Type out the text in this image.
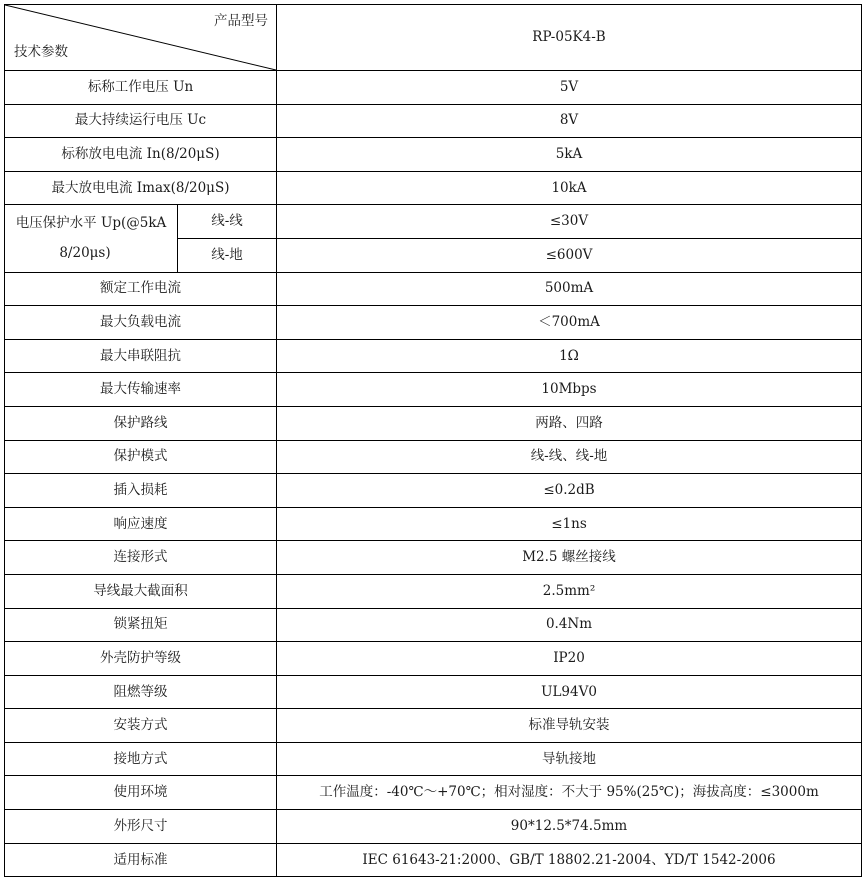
产品型号
技术参数		RP-05K4-B
标称工作电压 Un		5V
最大持续运行电压 Uc		8V
标称放电电流 In(8/20μS)		5kA
最大放电电流 Imax(8/20μS)		10kA

电压保护水平 Up(@5kA
8/20μs)	线-线	≤30V
	线-地	≤600V
额定工作电流		500mA
最大负载电流		＜700mA
最大串联阻抗		1Ω
最大传输速率		10Mbps
保护路线		两路、四路
保护模式		线-线、线-地
插入损耗		≤0.2dB
响应速度		≤1ns
连接形式		M2.5 螺丝接线
导线最大截面积		2.5mm²
锁紧扭矩		0.4Nm
外壳防护等级		IP20
阻燃等级		UL94V0
安装方式		标准导轨安装
接地方式		导轨接地
使用环境		工作温度：-40℃～+70℃；相对湿度：不大于 95%(25℃)；海拔高度：≤3000m
外形尺寸		90*12.5*74.5mm
适用标准		IEC 61643-21:2000、GB/T 18802.21-2004、YD/T 1542-2006
